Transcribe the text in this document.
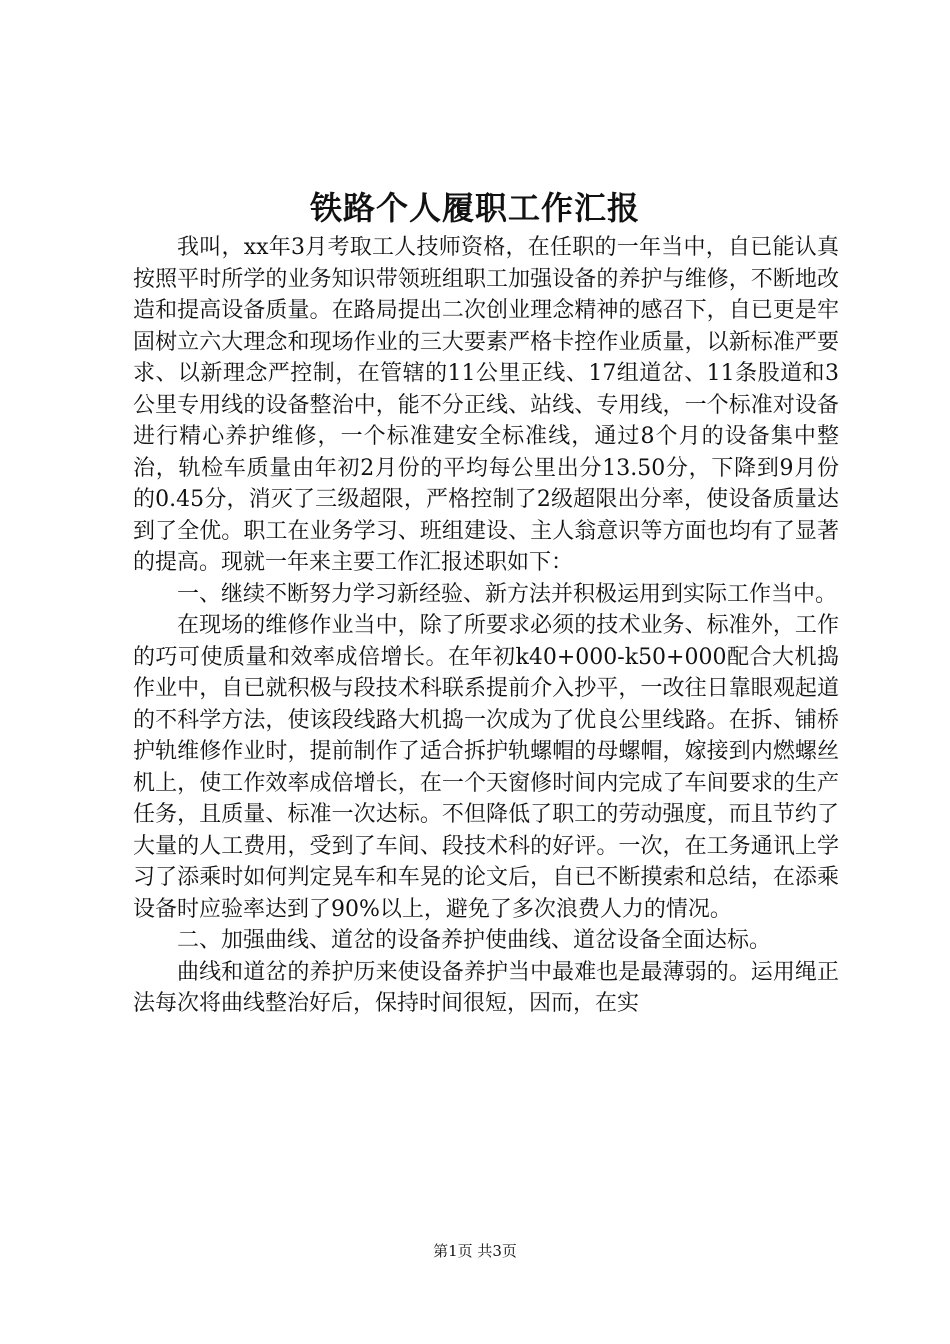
铁路个人履职工作汇报

我叫，xx年3月考取工人技师资格，在任职的一年当中，自已能认真按照平时所学的业务知识带领班组职工加强设备的养护与维修，不断地改造和提高设备质量。在路局提出二次创业理念精神的感召下，自已更是牢固树立六大理念和现场作业的三大要素严格卡控作业质量，以新标准严要求、以新理念严控制，在管辖的11公里正线、17组道岔、11条股道和3公里专用线的设备整治中，能不分正线、站线、专用线，一个标准对设备进行精心养护维修，一个标准建安全标准线，通过8个月的设备集中整治，轨检车质量由年初2月份的平均每公里出分13.50分，下降到9月份的0.45分，消灭了三级超限，严格控制了2级超限出分率，使设备质量达到了全优。职工在业务学习、班组建设、主人翁意识等方面也均有了显著的提高。现就一年来主要工作汇报述职如下：

一、继续不断努力学习新经验、新方法并积极运用到实际工作当中。

在现场的维修作业当中，除了所要求必须的技术业务、标准外，工作的巧可使质量和效率成倍增长。在年初k40+000-k50+000配合大机捣作业中，自已就积极与段技术科联系提前介入抄平，一改往日靠眼观起道的不科学方法，使该段线路大机捣一次成为了优良公里线路。在拆、铺桥护轨维修作业时，提前制作了适合拆护轨螺帽的母螺帽，嫁接到内燃螺丝机上，使工作效率成倍增长，在一个天窗修时间内完成了车间要求的生产任务，且质量、标准一次达标。不但降低了职工的劳动强度，而且节约了大量的人工费用，受到了车间、段技术科的好评。一次，在工务通讯上学习了添乘时如何判定晃车和车晃的论文后，自已不断摸索和总结，在添乘设备时应验率达到了90%以上，避免了多次浪费人力的情况。

二、加强曲线、道岔的设备养护使曲线、道岔设备全面达标。

曲线和道岔的养护历来使设备养护当中最难也是最薄弱的。运用绳正法每次将曲线整治好后，保持时间很短，因而，在实

第1页 共3页
